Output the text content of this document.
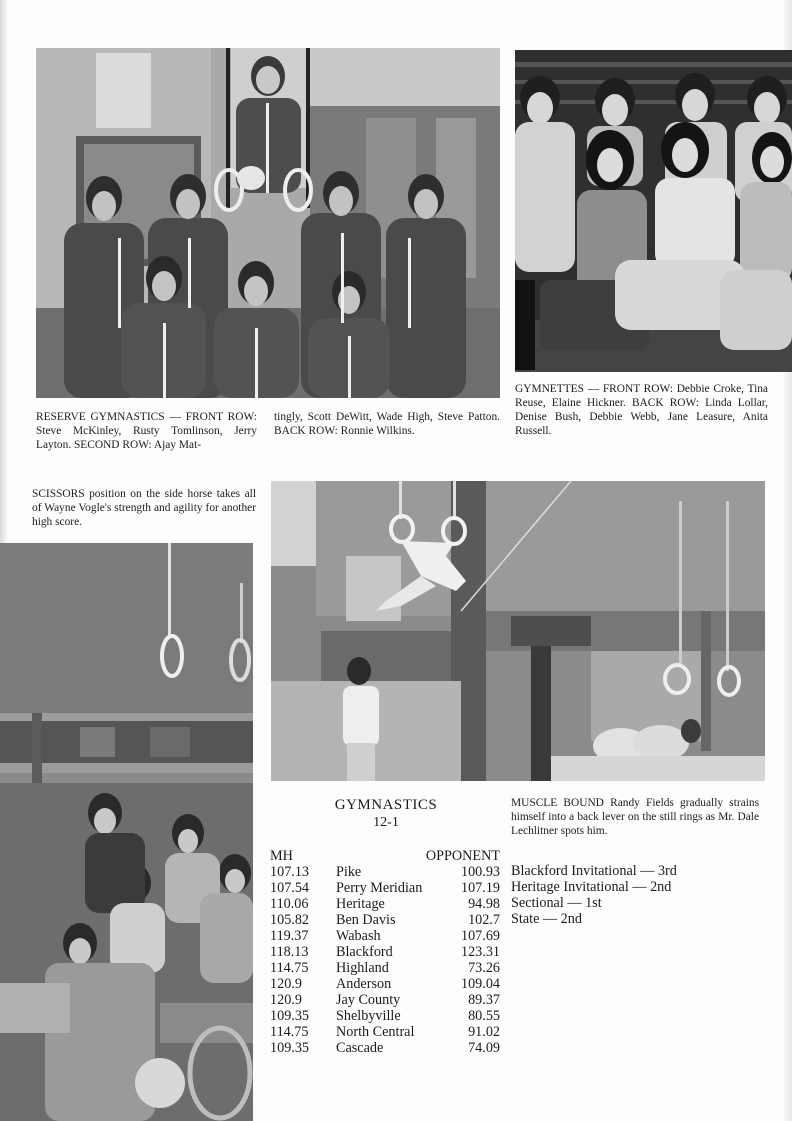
RESERVE GYMNASTICS — FRONT ROW: Steve McKinley, Rusty Tomlinson, Jerry Layton. SECOND ROW: Ajay Mat-
tingly, Scott DeWitt, Wade High, Steve Patton. BACK ROW: Ronnie Wilkins.
GYMNETTES — FRONT ROW: Debbie Croke, Tina Reuse, Elaine Hickner. BACK ROW: Linda Lollar, Denise Bush, Debbie Webb, Jane Leasure, Anita Russell.
SCISSORS position on the side horse takes all of Wayne Vogle's strength and agility for another high score.
MUSCLE BOUND Randy Fields gradually strains himself into a back lever on the still rings as Mr. Dale Lechlitner spots him.
GYMNASTICS
12-1
MH	OPPONENT	
107.13	Pike	100.93
107.54	Perry Meridian	107.19
110.06	Heritage	94.98
105.82	Ben Davis	102.7
119.37	Wabash	107.69
118.13	Blackford	123.31
114.75	Highland	73.26
120.9	Anderson	109.04
120.9	Jay County	89.37
109.35	Shelbyville	80.55
114.75	North Central	91.02
109.35	Cascade	74.09
Blackford Invitational — 3rd
Heritage Invitational — 2nd
Sectional — 1st
State — 2nd
